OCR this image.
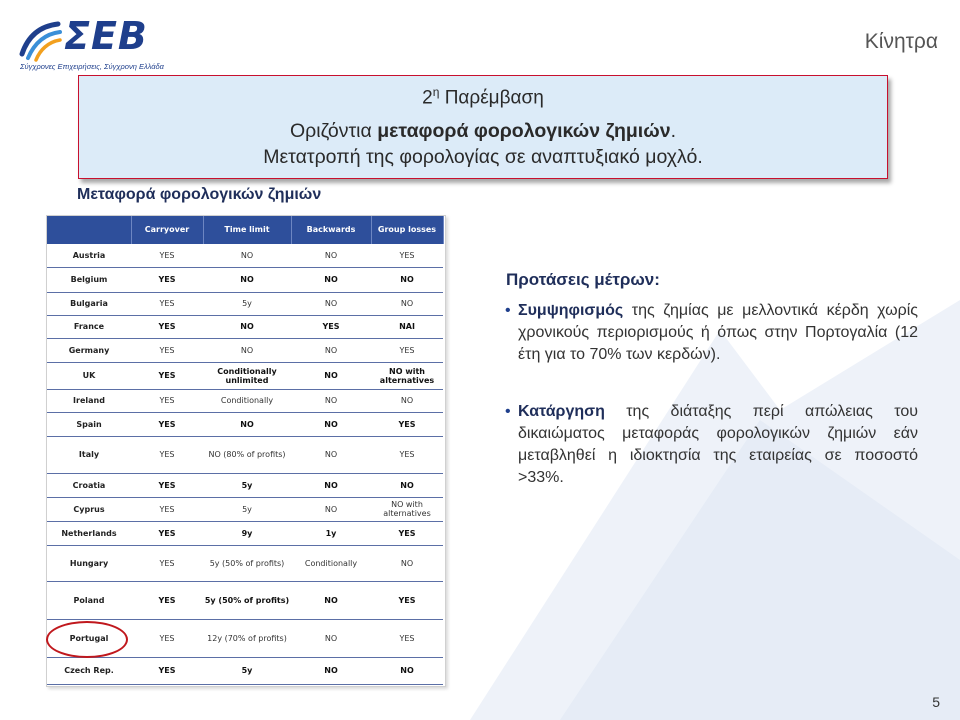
ΣΕΒ
Σύγχρονες Επιχειρήσεις, Σύγχρονη Ελλάδα
Κίνητρα
$2^\eta$ Παρέμβαση
Οριζόντια μεταφορά φορολογικών ζημιών.
Μετατροπή της φορολογίας σε αναπτυξιακό μοχλό.
Μεταφορά φορολογικών ζημιών
	Carryover	Time limit	Backwards	Group losses
Austria	YES	NO	NO	YES
Belgium	YES	NO	NO	NO
Bulgaria	YES	5y	NO	NO
France	YES	NO	YES	ΝΑΙ
Germany	YES	NO	NO	YES
UK	YES	Conditionally unlimited	NO	NO with alternatives
Ireland	YES	Conditionally	NO	NO
Spain	YES	NO	NO	YES
Italy	YES	NO (80% of profits)	NO	YES
Croatia	YES	5y	NO	NO
Cyprus	YES	5y	NO	NO with alternatives
Netherlands	YES	9y	1y	YES
Hungary	YES	5y (50% of profits)	Conditionally	NO
Poland	YES	5y (50% of profits)	NO	YES
Portugal	YES	12y (70% of profits)	NO	YES
Czech Rep.	YES	5y	NO	NO
Προτάσεις μέτρων:
• Συμψηφισμός της ζημίας με μελλοντικά κέρδη χωρίς χρονικούς περιορισμούς ή όπως στην Πορτογαλία (12 έτη για το 70% των κερδών).
• Κατάργηση της διάταξης περί απώλειας του δικαιώματος μεταφοράς φορολογικών ζημιών εάν μεταβληθεί η ιδιοκτησία της εταιρείας σε ποσοστό >33%.
5
